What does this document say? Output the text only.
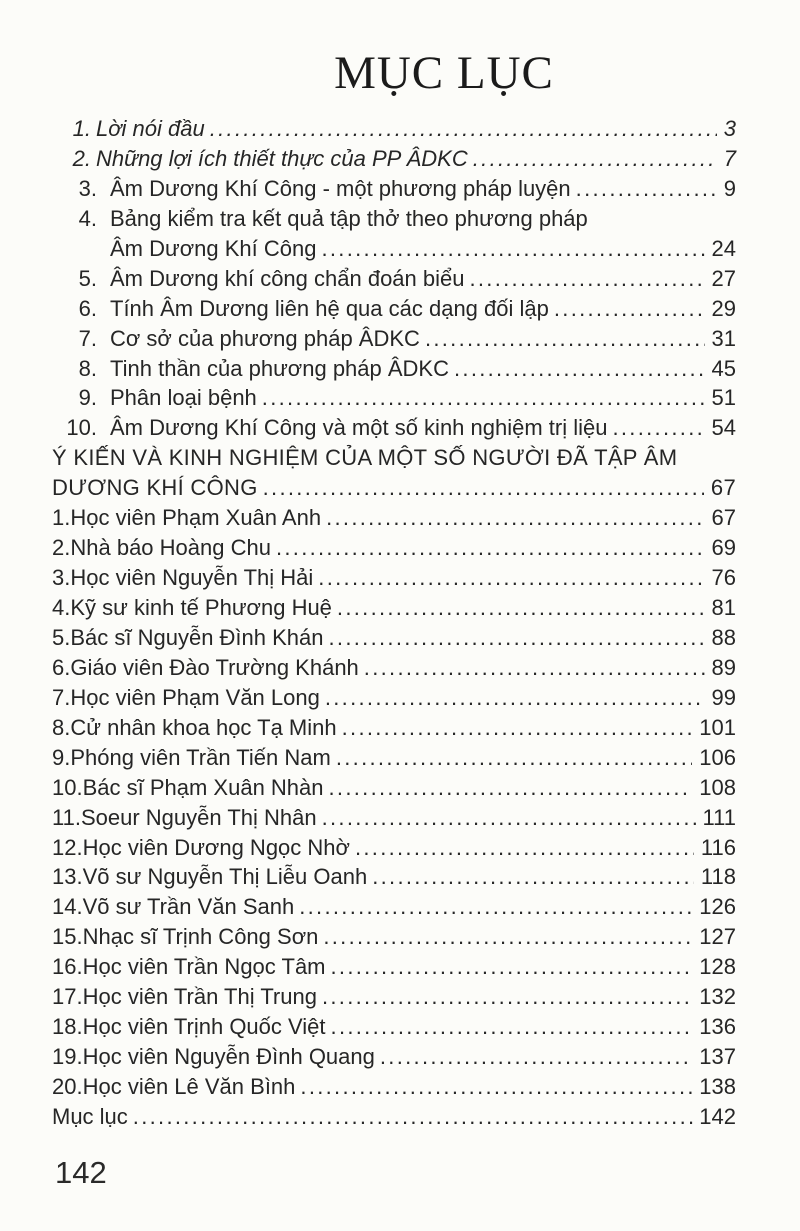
MỤC LỤC
1. Lời nói đầu .....	3
2. Những lợi ích thiết thực của PP ÂDKC .....	7
3. Âm Dương Khí Công - một phương pháp luyện .....	9
4. Bảng kiểm tra kết quả tập thở theo phương pháp
Âm Dương Khí Công .....	24
5. Âm Dương khí công chẩn đoán biểu .....	27
6. Tính Âm Dương liên hệ qua các dạng đối lập .....	29
7. Cơ sở của phương pháp ÂDKC .....	31
8. Tinh thần của phương pháp ÂDKC .....	45
9. Phân loại bệnh .....	51
10. Âm Dương Khí Công và một số kinh nghiệm trị liệu .....	54
Ý KIẾN VÀ KINH NGHIỆM CỦA MỘT SỐ NGƯỜI ĐÃ TẬP ÂM
DƯƠNG KHÍ CÔNG .....	67
1. Học viên Phạm Xuân Anh .....	67
2. Nhà báo Hoàng Chu .....	69
3. Học viên Nguyễn Thị Hải .....	76
4. Kỹ sư kinh tế Phương Huệ .....	81
5. Bác sĩ Nguyễn Đình Khán .....	88
6. Giáo viên Đào Trường Khánh .....	89
7. Học viên Phạm Văn Long .....	99
8. Cử nhân khoa học Tạ Minh .....	101
9. Phóng viên Trần Tiến Nam .....	106
10. Bác sĩ Phạm Xuân Nhàn .....	108
11. Soeur Nguyễn Thị Nhân .....	111
12. Học viên Dương Ngọc Nhờ .....	116
13. Võ sư Nguyễn Thị Liễu Oanh .....	118
14. Võ sư Trần Văn Sanh .....	126
15. Nhạc sĩ Trịnh Công Sơn .....	127
16. Học viên Trần Ngọc Tâm .....	128
17. Học viên Trần Thị Trung .....	132
18. Học viên Trịnh Quốc Việt .....	136
19. Học viên Nguyễn Đình Quang .....	137
20. Học viên Lê Văn Bình .....	138
Mục lục .....	142
142
